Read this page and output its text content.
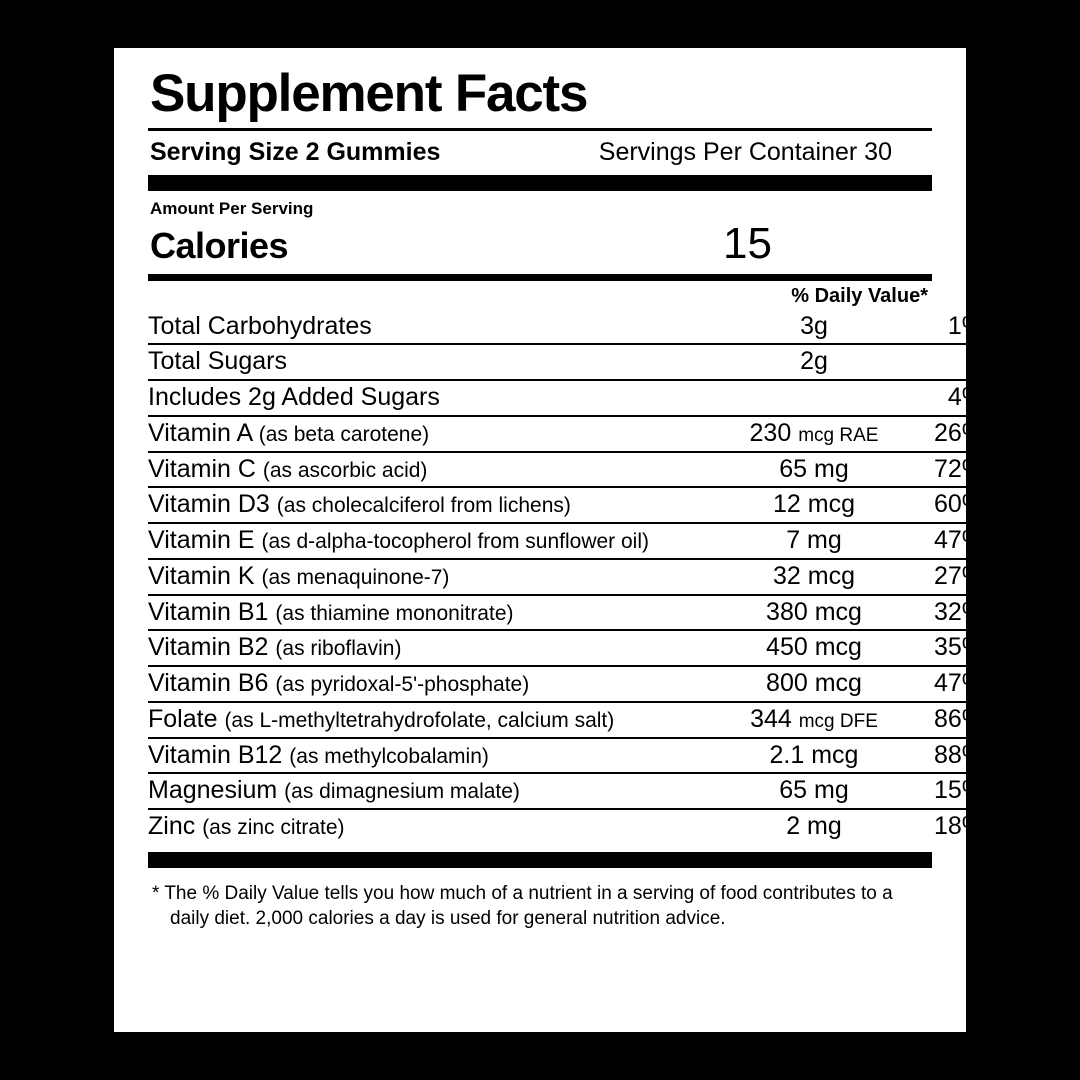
Supplement Facts
Serving Size 2 Gummies	Servings Per Container 30
Amount Per Serving
Calories	15
% Daily Value*
Total Carbohydrates	3g	1%
Total Sugars	2g	
Includes 2g Added Sugars		4%
Vitamin A (as beta carotene)	230 mcg RAE	26%
Vitamin C (as ascorbic acid)	65 mg	72%
Vitamin D3 (as cholecalciferol from lichens)	12 mcg	60%
Vitamin E (as d-alpha-tocopherol from sunflower oil)	7 mg	47%
Vitamin K (as menaquinone-7)	32 mcg	27%
Vitamin B1 (as thiamine mononitrate)	380 mcg	32%
Vitamin B2 (as riboflavin)	450 mcg	35%
Vitamin B6 (as pyridoxal-5'-phosphate)	800 mcg	47%
Folate (as L-methyltetrahydrofolate, calcium salt)	344 mcg DFE	86%
Vitamin B12 (as methylcobalamin)	2.1 mcg	88%
Magnesium (as dimagnesium malate)	65 mg	15%
Zinc (as zinc citrate)	2 mg	18%
* The % Daily Value tells you how much of a nutrient in a serving of food contributes to a
daily diet. 2,000 calories a day is used for general nutrition advice.
